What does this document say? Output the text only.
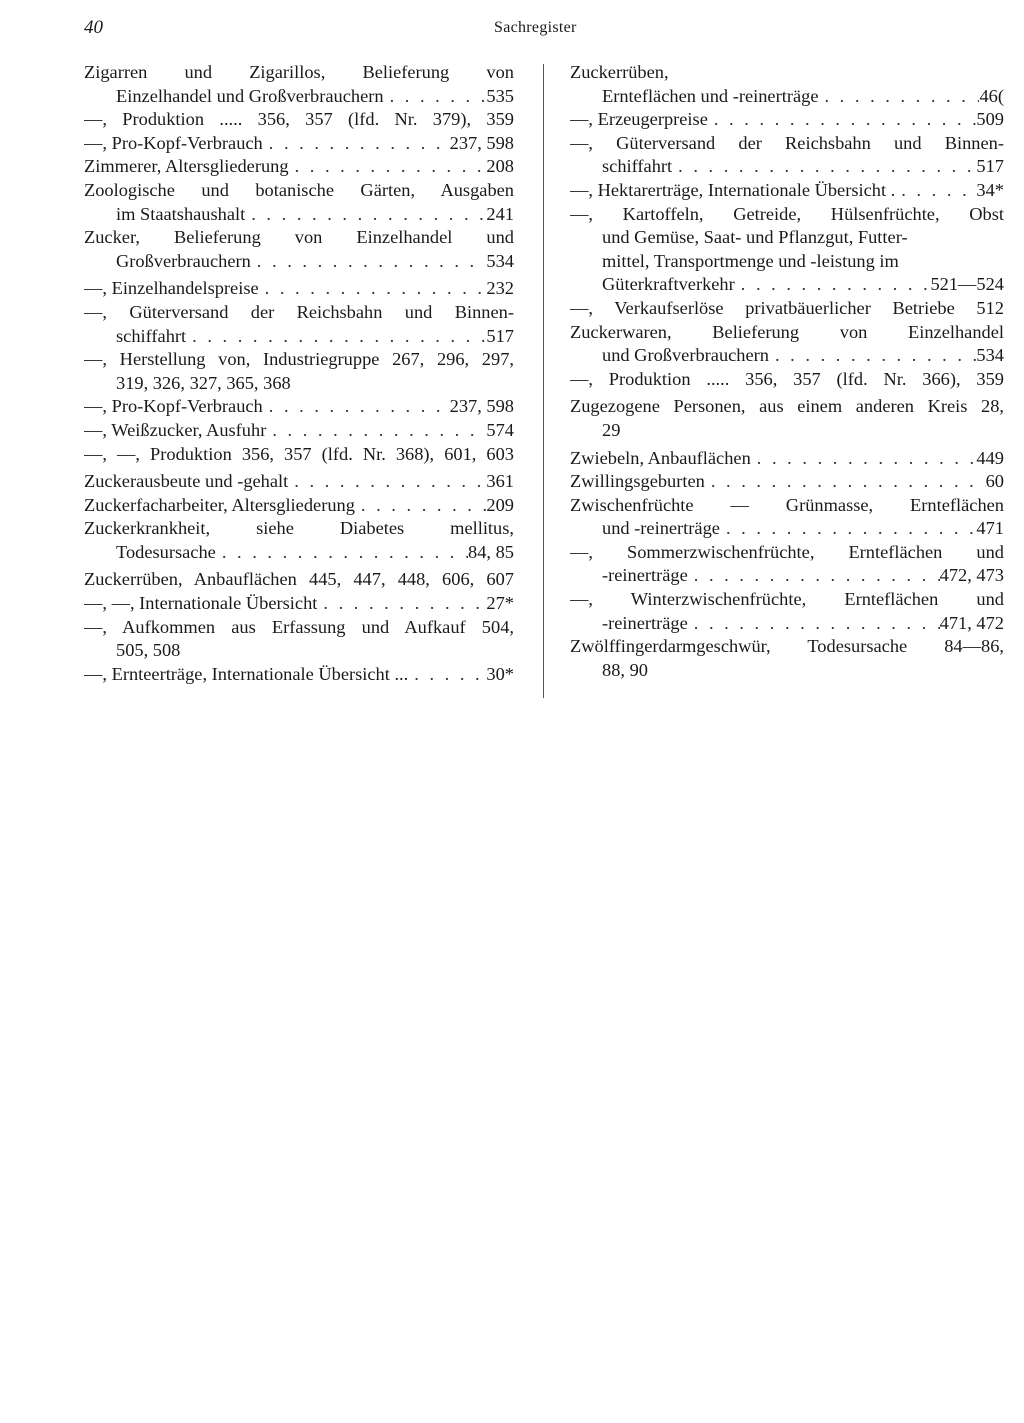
40	Sachregister
Zigarren und Zigarillos, Belieferung von
Einzelhandel und Großverbrauchern . . .	535
—, Produktion ..... 356, 357 (lfd. Nr. 379), 359
—, Pro-Kopf-Verbrauch . . .	237, 598
Zimmerer, Altersgliederung . . .	208
Zoologische und botanische Gärten, Ausgaben
im Staatshaushalt . . .	241
Zucker, Belieferung von Einzelhandel und
Großverbrauchern . . .	534
—, Einzelhandelspreise . . .	232
—, Güterversand der Reichsbahn und Binnen-
schiffahrt . . .	517
—, Herstellung von, Industriegruppe 267, 296, 297,
319, 326, 327, 365, 368
—, Pro-Kopf-Verbrauch . . .	237, 598
—, Weißzucker, Ausfuhr . . .	574
—, —, Produktion 356, 357 (lfd. Nr. 368), 601, 603
Zuckerausbeute und -gehalt . . .	361
Zuckerfacharbeiter, Altersgliederung . . .	209
Zuckerkrankheit, siehe Diabetes mellitus,
Todesursache . . .	84, 85
Zuckerrüben, Anbauflächen 445, 447, 448, 606, 607
—, —, Internationale Übersicht . . .	27*
—, Aufkommen aus Erfassung und Aufkauf 504,
505, 508
—, Ernteerträge, Internationale Übersicht ... . . .	30*
Zuckerrüben,
Ernteflächen und -reinerträge . . .	46(
—, Erzeugerpreise . . .	509
—, Güterversand der Reichsbahn und Binnen-
schiffahrt . . .	517
—, Hektarerträge, Internationale Übersicht . . . .	34*
—, Kartoffeln, Getreide, Hülsenfrüchte, Obst
und Gemüse, Saat- und Pflanzgut, Futter-
mittel, Transportmenge und -leistung im
Güterkraftverkehr . . .	521—524
—, Verkaufserlöse privatbäuerlicher Betriebe 512
Zuckerwaren, Belieferung von Einzelhandel
und Großverbrauchern . . .	534
—, Produktion ..... 356, 357 (lfd. Nr. 366), 359
Zugezogene Personen, aus einem anderen Kreis 28,
29
Zwiebeln, Anbauflächen . . .	449
Zwillingsgeburten . . .	60
Zwischenfrüchte — Grünmasse, Ernteflächen
und -reinerträge . . .	471
—, Sommerzwischenfrüchte, Ernteflächen und
-reinerträge . . .	472, 473
—, Winterzwischenfrüchte, Ernteflächen und
-reinerträge . . .	471, 472
Zwölffingerdarmgeschwür, Todesursache 84—86,
88, 90
